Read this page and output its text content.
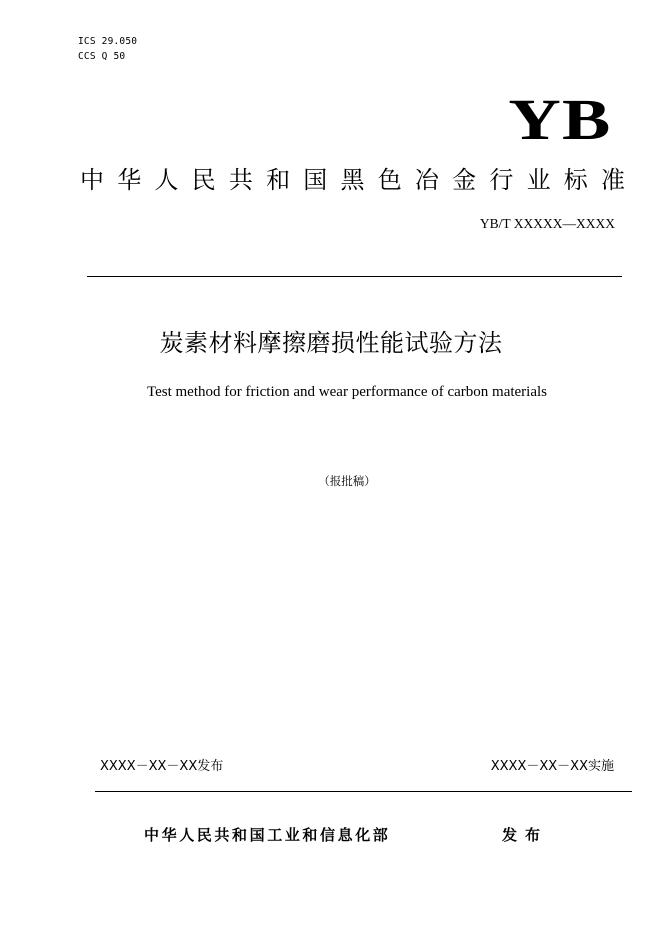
ICS 29.050
CCS Q 50
YB
中华人民共和国黑色冶金行业标准
YB/T XXXXX—XXXX
炭素材料摩擦磨损性能试验方法
Test method for friction and wear performance of carbon materials
（报批稿）
XXXX－XX－XX发布	XXXX－XX－XX实施
中华人民共和国工业和信息化部	发布
